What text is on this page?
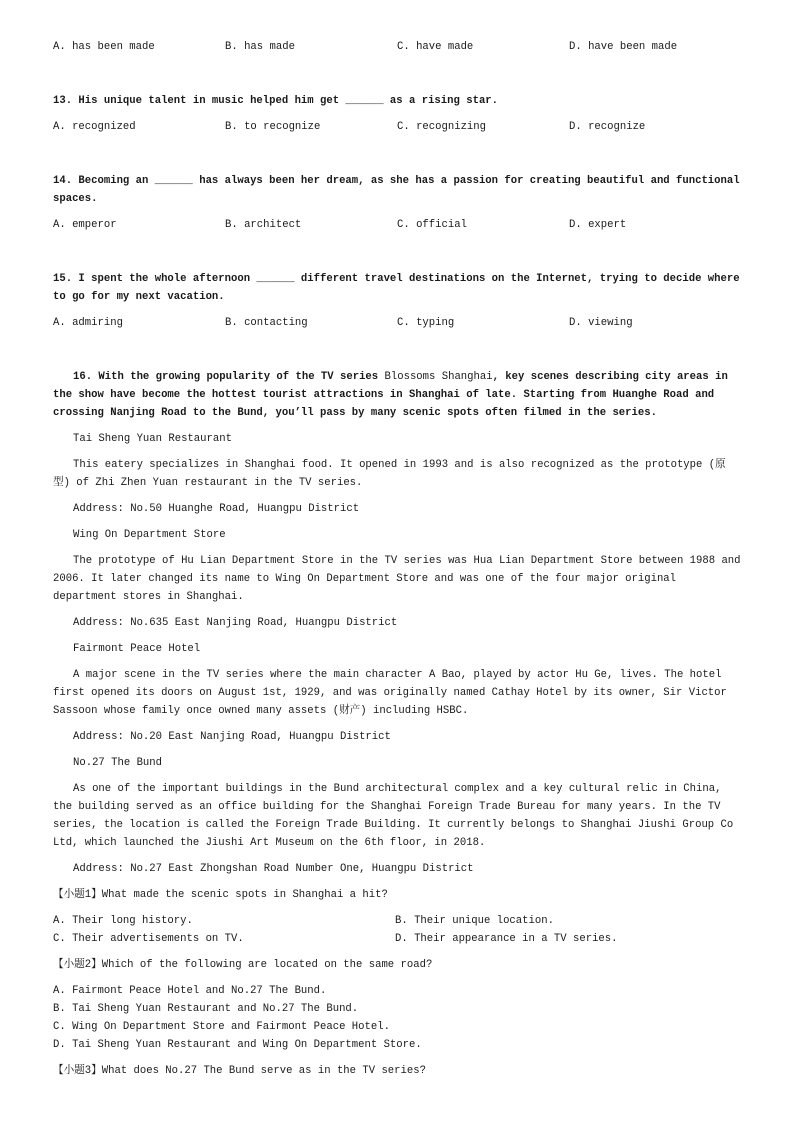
A. has been made	B. has made	C. have made	D. have been made

13. His unique talent in music helped him get ______ as a rising star.

A. recognized	B. to recognize	C. recognizing	D. recognize

14. Becoming an ______ has always been her dream, as she has a passion for creating beautiful and functional spaces.

A. emperor	B. architect	C. official	D. expert

15. I spent the whole afternoon ______ different travel destinations on the Internet, trying to decide where to go for my next vacation.

A. admiring	B. contacting	C. typing	D. viewing

16. With the growing popularity of the TV series Blossoms Shanghai, key scenes describing city areas in the show have become the hottest tourist attractions in Shanghai of late. Starting from Huanghe Road and crossing Nanjing Road to the Bund, you’ll pass by many scenic spots often filmed in the series.

Tai Sheng Yuan Restaurant

This eatery specializes in Shanghai food. It opened in 1993 and is also recognized as the prototype (原型) of Zhi Zhen Yuan restaurant in the TV series.

Address: No.50 Huanghe Road, Huangpu District

Wing On Department Store

The prototype of Hu Lian Department Store in the TV series was Hua Lian Department Store between 1988 and 2006. It later changed its name to Wing On Department Store and was one of the four major original department stores in Shanghai.

Address: No.635 East Nanjing Road, Huangpu District

Fairmont Peace Hotel

A major scene in the TV series where the main character A Bao, played by actor Hu Ge, lives. The hotel first opened its doors on August 1st, 1929, and was originally named Cathay Hotel by its owner, Sir Victor Sassoon whose family once owned many assets (财产) including HSBC.

Address: No.20 East Nanjing Road, Huangpu District

No.27 The Bund

As one of the important buildings in the Bund architectural complex and a key cultural relic in China, the building served as an office building for the Shanghai Foreign Trade Bureau for many years. In the TV series, the location is called the Foreign Trade Building. It currently belongs to Shanghai Jiushi Group Co Ltd, which launched the Jiushi Art Museum on the 6th floor, in 2018.

Address: No.27 East Zhongshan Road Number One, Huangpu District

【小题1】What made the scenic spots in Shanghai a hit?

A. Their long history.	B. Their unique location.
C. Their advertisements on TV.	D. Their appearance in a TV series.

【小题2】Which of the following are located on the same road?

A. Fairmont Peace Hotel and No.27 The Bund.
B. Tai Sheng Yuan Restaurant and No.27 The Bund.
C. Wing On Department Store and Fairmont Peace Hotel.
D. Tai Sheng Yuan Restaurant and Wing On Department Store.

【小题3】What does No.27 The Bund serve as in the TV series?
